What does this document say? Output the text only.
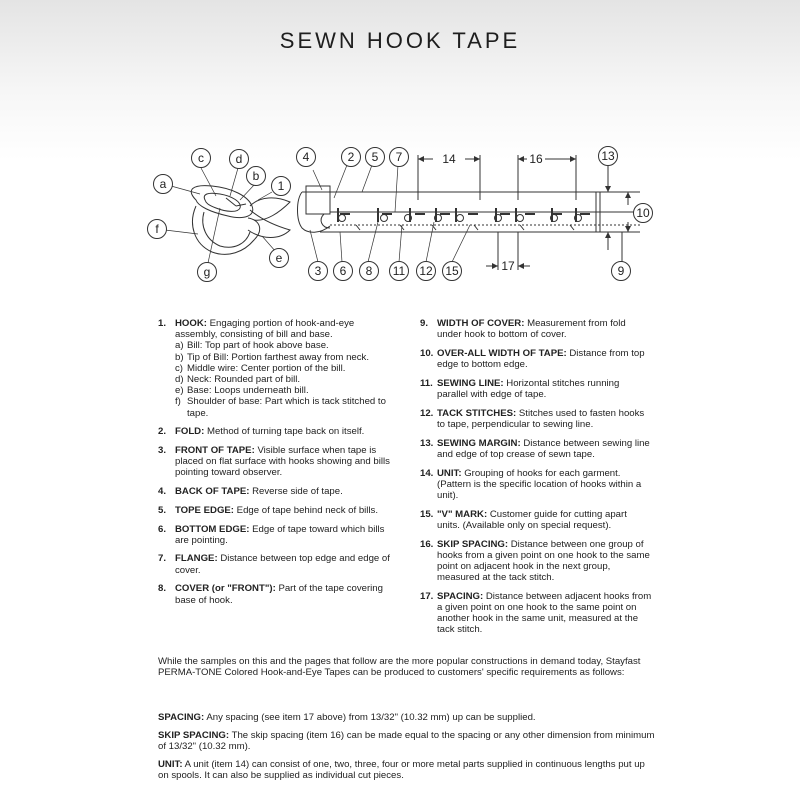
SEWN HOOK TAPE
c	d
b
a	1
f
e
g
4	2 5 7	14	16	13
3 6 8 11 12 15	17	9
10
1. HOOK: Engaging portion of hook-and-eye assembly, consisting of bill and base.
a) Bill: Top part of hook above base.
b) Tip of Bill: Portion farthest away from neck.
c) Middle wire: Center portion of the bill.
d) Neck: Rounded part of bill.
e) Base: Loops underneath bill.
f) Shoulder of base: Part which is tack stitched to tape.
2. FOLD: Method of turning tape back on itself.
3. FRONT OF TAPE: Visible surface when tape is placed on flat surface with hooks showing and bills pointing toward observer.
4. BACK OF TAPE: Reverse side of tape.
5. TOPE EDGE: Edge of tape behind neck of bills.
6. BOTTOM EDGE: Edge of tape toward which bills are pointing.
7. FLANGE: Distance between top edge and edge of cover.
8. COVER (or "FRONT"): Part of the tape covering base of hook.
9. WIDTH OF COVER: Measurement from fold under hook to bottom of cover.
10. OVER-ALL WIDTH OF TAPE: Distance from top edge to bottom edge.
11. SEWING LINE: Horizontal stitches running parallel with edge of tape.
12. TACK STITCHES: Stitches used to fasten hooks to tape, perpendicular to sewing line.
13. SEWING MARGIN: Distance between sewing line and edge of top crease of sewn tape.
14. UNIT: Grouping of hooks for each garment. (Pattern is the specific location of hooks within a unit).
15. "V" MARK: Customer guide for cutting apart units. (Available only on special request).
16. SKIP SPACING: Distance between one group of hooks from a given point on one hook to the same point on adjacent hook in the next group, measured at the tack stitch.
17. SPACING: Distance between adjacent hooks from a given point on one hook to the same point on another hook in the same unit, measured at the tack stitch.
While the samples on this and the pages that follow are the more popular constructions in demand today, Stayfast PERMA-TONE Colored Hook-and-Eye Tapes can be produced to customers' specific requirements as follows:
SPACING: Any spacing (see item 17 above) from 13/32" (10.32 mm) up can be supplied.
SKIP SPACING: The skip spacing (item 16) can be made equal to the spacing or any other dimension from minimum of 13/32" (10.32 mm).
UNIT: A unit (item 14) can consist of one, two, three, four or more metal parts supplied in continuous lengths put up on spools. It can also be supplied as individual cut pieces.
